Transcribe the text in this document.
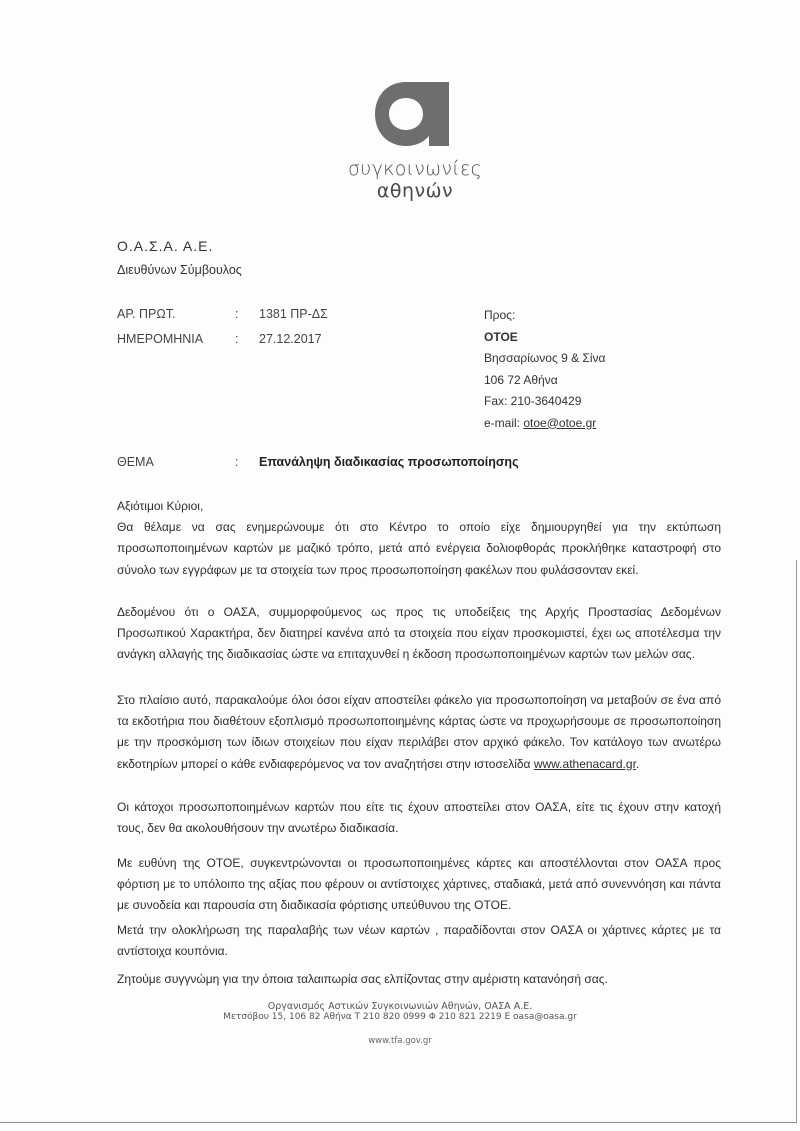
συγκοινωνίες
αθηνών
Ο.Α.Σ.Α. Α.Ε.
Διευθύνων Σύμβουλος
ΑΡ. ΠΡΩΤ.	: 1381 ΠΡ-ΔΣ
ΗΜΕΡΟΜΗΝΙΑ	: 27.12.2017
Προς:
ΟΤΟΕ
Βησσαρίωνος 9 & Σίνα
106 72 Αθήνα
Fax: 210-3640429
e-mail: otoe@otoe.gr
ΘΕΜΑ	: Επανάληψη διαδικασίας προσωποποίησης

Αξιότιμοι Κύριοι,

Θα θέλαμε να σας ενημερώνουμε ότι στο Κέντρο το οποίο είχε δημιουργηθεί για την εκτύπωση προσωποποιημένων καρτών με μαζικό τρόπο, μετά από ενέργεια δολιοφθοράς προκλήθηκε καταστροφή στο σύνολο των εγγράφων με τα στοιχεία των προς προσωποποίηση φακέλων που φυλάσσονταν εκεί.

Δεδομένου ότι ο ΟΑΣΑ, συμμορφούμενος ως προς τις υποδείξεις της Αρχής Προστασίας Δεδομένων Προσωπικού Χαρακτήρα, δεν διατηρεί κανένα από τα στοιχεία που είχαν προσκομιστεί, έχει ως αποτέλεσμα την ανάγκη αλλαγής της διαδικασίας ώστε να επιταχυνθεί η έκδοση προσωποποιημένων καρτών των μελών σας.

Στο πλαίσιο αυτό, παρακαλούμε όλοι όσοι είχαν αποστείλει φάκελο για προσωποποίηση να μεταβούν σε ένα από τα εκδοτήρια που διαθέτουν εξοπλισμό προσωποποιημένης κάρτας ώστε να προχωρήσουμε σε προσωποποίηση με την προσκόμιση των ίδιων στοιχείων που είχαν περιλάβει στον αρχικό φάκελο. Τον κατάλογο των ανωτέρω εκδοτηρίων μπορεί ο κάθε ενδιαφερόμενος να τον αναζητήσει στην ιστοσελίδα www.athenacard.gr.

Οι κάτοχοι προσωποποιημένων καρτών που είτε τις έχουν αποστείλει στον ΟΑΣΑ, είτε τις έχουν στην κατοχή τους, δεν θα ακολουθήσουν την ανωτέρω διαδικασία.

Με ευθύνη της ΟΤΟΕ, συγκεντρώνονται οι προσωποποιημένες κάρτες και αποστέλλονται στον ΟΑΣΑ προς φόρτιση με το υπόλοιπο της αξίας που φέρουν οι αντίστοιχες χάρτινες, σταδιακά, μετά από συνεννόηση και πάντα με συνοδεία και παρουσία στη διαδικασία φόρτισης υπεύθυνου της ΟΤΟΕ.

Μετά την ολοκλήρωση της παραλαβής των νέων καρτών , παραδίδονται στον ΟΑΣΑ οι χάρτινες κάρτες με τα αντίστοιχα κουπόνια.

Ζητούμε συγγνώμη για την όποια ταλαιπωρία σας ελπίζοντας στην αμέριστη κατανόησή σας.

Οργανισμός Αστικών Συγκοινωνιών Αθηνών, ΟΑΣΑ Α.Ε.
Μετσόβου 15, 106 82 Αθήνα Τ 210 820 0999 Φ 210 821 2219 Ε oasa@oasa.gr
www.tfa.gov.gr
